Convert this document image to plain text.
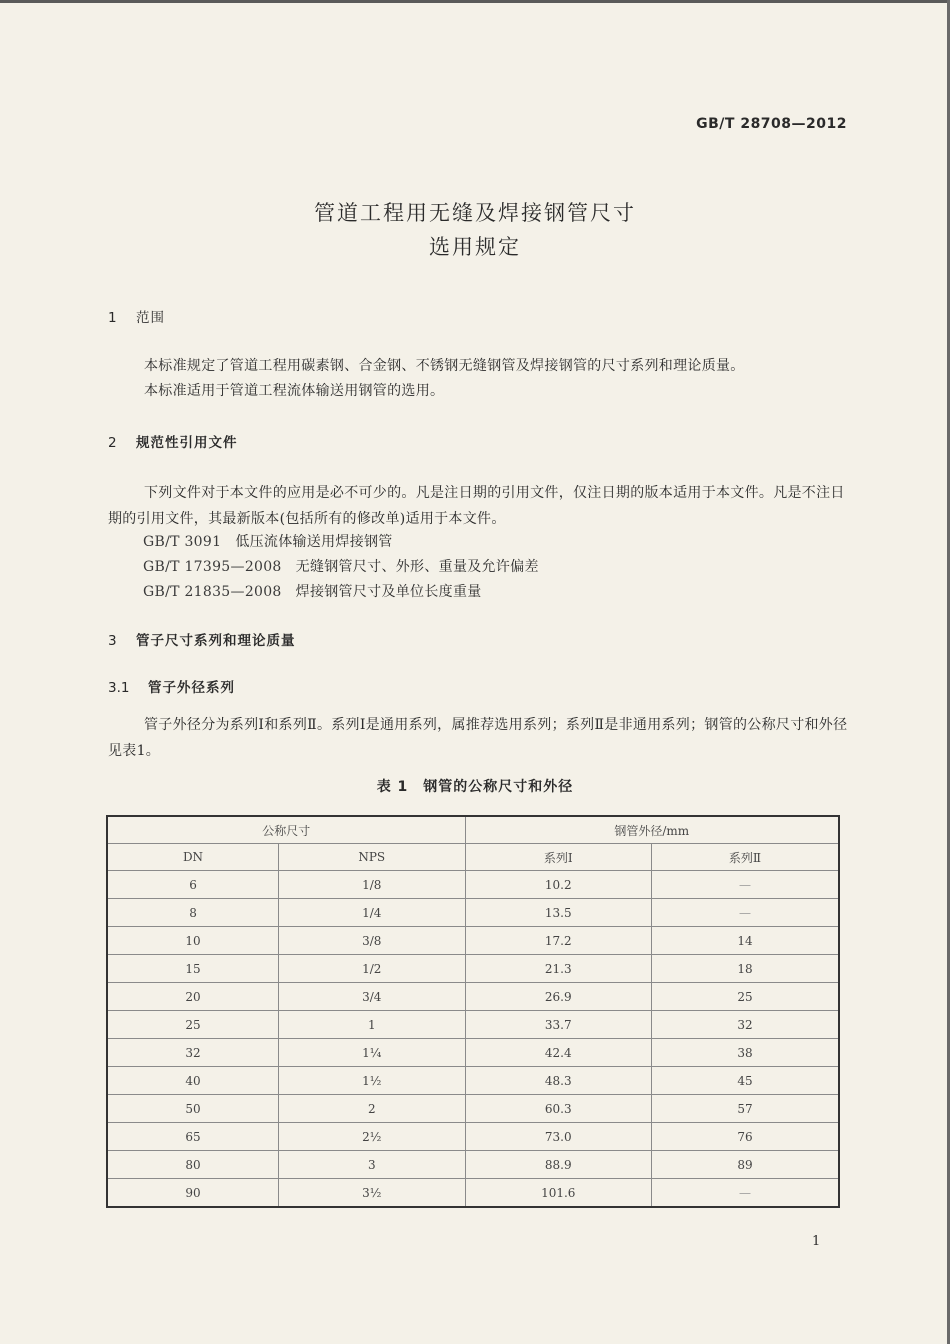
GB/T 28708—2012
管道工程用无缝及焊接钢管尺寸
选用规定
1 范围
本标准规定了管道工程用碳素钢、合金钢、不锈钢无缝钢管及焊接钢管的尺寸系列和理论质量。
本标准适用于管道工程流体输送用钢管的选用。
2 规范性引用文件
下列文件对于本文件的应用是必不可少的。凡是注日期的引用文件，仅注日期的版本适用于本文件。凡是不注日期的引用文件，其最新版本(包括所有的修改单)适用于本文件。
GB/T 3091 低压流体输送用焊接钢管
GB/T 17395—2008 无缝钢管尺寸、外形、重量及允许偏差
GB/T 21835—2008 焊接钢管尺寸及单位长度重量
3 管子尺寸系列和理论质量
3.1 管子外径系列
管子外径分为系列Ⅰ和系列Ⅱ。系列Ⅰ是通用系列，属推荐选用系列；系列Ⅱ是非通用系列；钢管的公称尺寸和外径见表1。
表 1　钢管的公称尺寸和外径
公称尺寸		钢管外径/mm	
DN	NPS	系列Ⅰ	系列Ⅱ
6	1/8	10.2	—
8	1/4	13.5	—
10	3/8	17.2	14
15	1/2	21.3	18
20	3/4	26.9	25
25	1	33.7	32
32	1¼	42.4	38
40	1½	48.3	45
50	2	60.3	57
65	2½	73.0	76
80	3	88.9	89
90	3½	101.6	—
1
